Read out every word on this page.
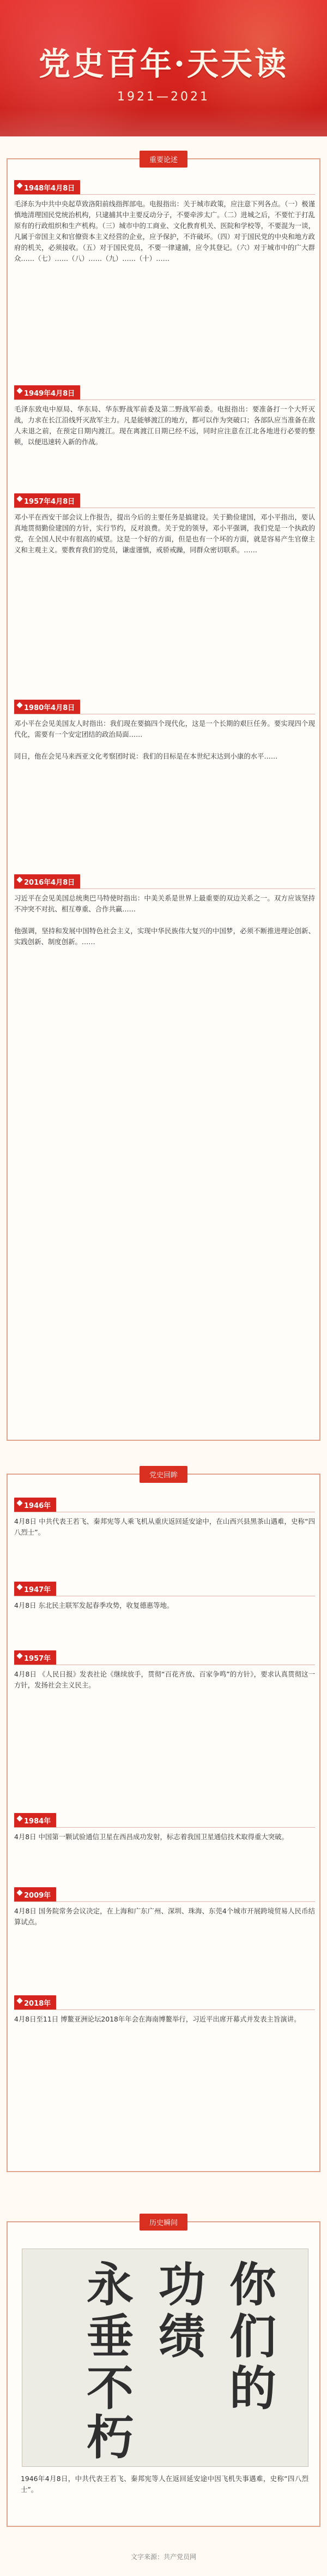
党史百年·天天读
1921—2021
重要论述
1948年4月8日
毛泽东为中共中央起草致洛阳前线指挥部电。电报指出：关于城市政策，应注意下列各点。（一）极谨慎地清理国民党统治机构，只逮捕其中主要反动分子，不要牵涉太广。（二）进城之后，不要忙于打乱原有的行政组织和生产机构。（三）城市中的工商业、文化教育机关、医院和学校等，不要混为一谈，凡属于帝国主义和官僚资本主义经营的企业，应予保护，不许破坏。（四）对于国民党的中央和地方政府的机关，必须接收。（五）对于国民党员，不要一律逮捕，应令其登记。（六）对于城市中的广大群众……（七）……（八）……（九）……（十）……
1949年4月8日
毛泽东致电中原局、华东局、华东野战军前委及第二野战军前委。电报指出：要准备打一个大歼灭战，力求在长江沿线歼灭敌军主力。凡是能够渡江的地方，都可以作为突破口；各部队应当准备在敌人未退之前，在预定日期内渡江。现在离渡江日期已经不远，同时应注意在江北各地进行必要的整顿，以便迅速转入新的作战。
1957年4月8日
邓小平在西安干部会议上作报告，提出今后的主要任务是搞建设。关于勤俭建国，邓小平指出，要认真地贯彻勤俭建国的方针，实行节约，反对浪费。关于党的领导，邓小平强调，我们党是一个执政的党，在全国人民中有很高的威望。这是一个好的方面，但是也有一个坏的方面，就是容易产生官僚主义和主观主义。要教育我们的党员，谦虚谨慎，戒骄戒躁，同群众密切联系。……
1980年4月8日
邓小平在会见美国友人时指出：我们现在要搞四个现代化，这是一个长期的艰巨任务。要实现四个现代化，需要有一个安定团结的政治局面……

同日，他在会见马来西亚文化考察团时说：我们的目标是在本世纪末达到小康的水平……
2016年4月8日
习近平在会见美国总统奥巴马特使时指出：中美关系是世界上最重要的双边关系之一。双方应该坚持不冲突不对抗、相互尊重、合作共赢……

他强调，坚持和发展中国特色社会主义，实现中华民族伟大复兴的中国梦，必须不断推进理论创新、实践创新、制度创新。……
党史回眸
1946年
4月8日 中共代表王若飞、秦邦宪等人乘飞机从重庆返回延安途中，在山西兴县黑茶山遇难，史称“四八烈士”。
1947年
4月8日 东北民主联军发起春季攻势，收复德惠等地。
1957年
4月8日 《人民日报》发表社论《继续放手，贯彻“百花齐放、百家争鸣”的方针》，要求认真贯彻这一方针，发扬社会主义民主。
1984年
4月8日 中国第一颗试验通信卫星在西昌成功发射，标志着我国卫星通信技术取得重大突破。
2009年
4月8日 国务院常务会议决定，在上海和广东广州、深圳、珠海、东莞4个城市开展跨境贸易人民币结算试点。
2018年
4月8日至11日 博鳌亚洲论坛2018年年会在海南博鳌举行，习近平出席开幕式并发表主旨演讲。
历史瞬间
你
们
的
功
绩
永
垂
不
朽
1946年4月8日，中共代表王若飞、秦邦宪等人在返回延安途中因飞机失事遇难，史称“四八烈士”。
文字来源：共产党员网
